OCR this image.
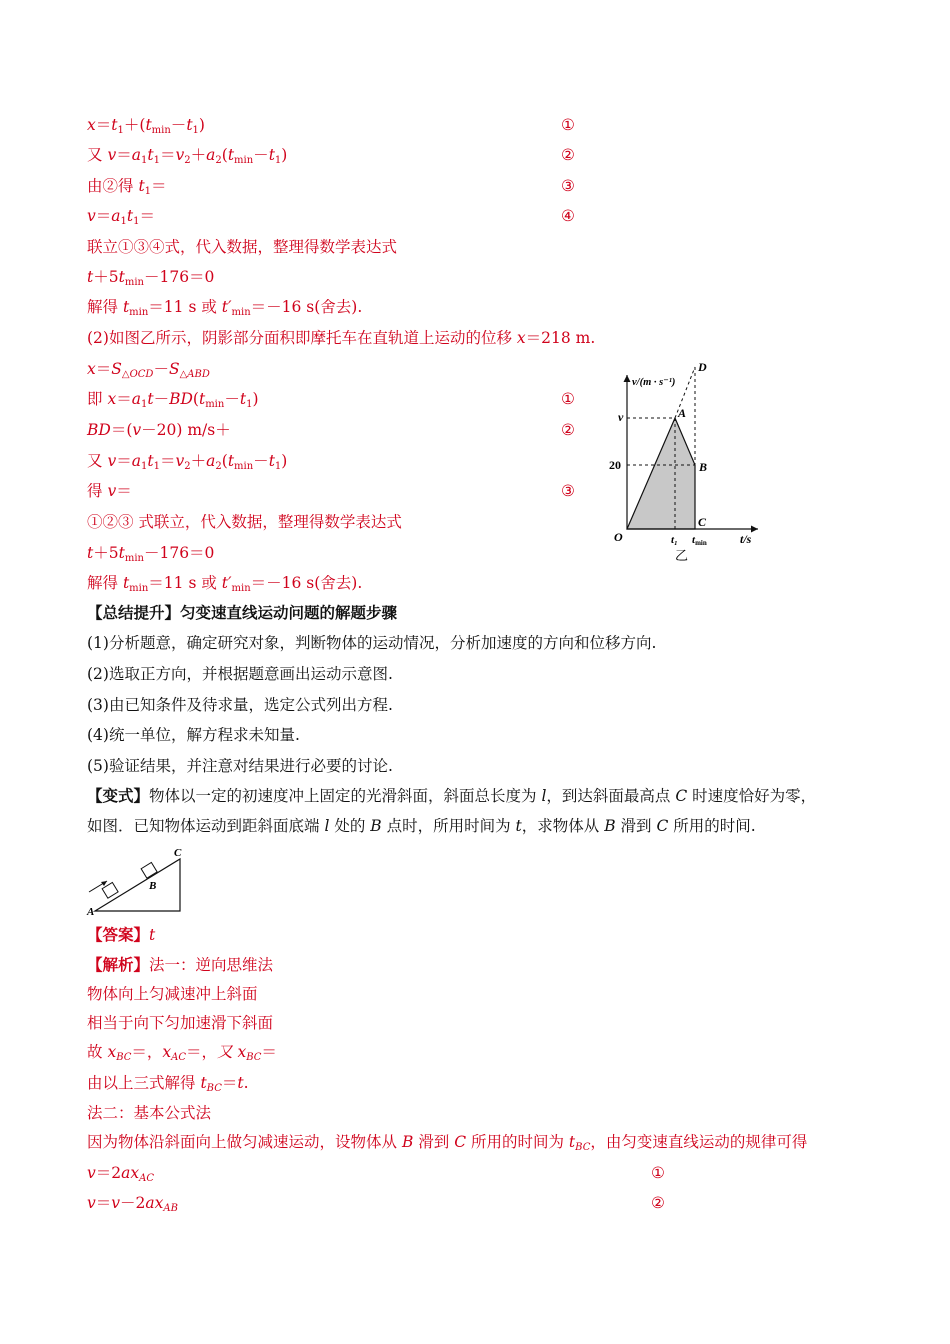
$x=t_1+(t_{min}-t_1)$	①
又 $v=a_1t_1=v_2+a_2(t_{min}-t_1)$	②
由②得 $t_1=$	③
$v=a_1t_1=$	④
联立①③④式，代入数据，整理得数学表达式
$t+5t_{min}-176=0$
解得 $t_{min}=11$ s 或 $t'_{min}=-16$ s(舍去).
(2)如图乙所示，阴影部分面积即摩托车在直轨道上运动的位移 x＝218 m.
$x=S_{\triangle OCD}-S_{\triangle ABD}$
即 $x=a_1t-BD(t_{min}-t_1)$	①
BD＝(v－20) m/s＋	②
又 $v=a_1t_1=v_2+a_2(t_{min}-t_1)$
得 v＝	③
①②③ 式联立，代入数据，整理得数学表达式
$t+5t_{min}-176=0$
解得 $t_{min}=11$ s 或 $t'_{min}=-16$ s(舍去).
v/(m · s⁻¹)
v
20
O
A
B
C
D
t₁ tmin	t/s
乙
【总结提升】匀变速直线运动问题的解题步骤
(1)分析题意，确定研究对象，判断物体的运动情况，分析加速度的方向和位移方向.
(2)选取正方向，并根据题意画出运动示意图.
(3)由已知条件及待求量，选定公式列出方程.
(4)统一单位，解方程求未知量.
(5)验证结果，并注意对结果进行必要的讨论.
【变式】物体以一定的初速度冲上固定的光滑斜面，斜面总长度为 l，到达斜面最高点 C 时速度恰好为零，
如图．已知物体运动到距斜面底端 l 处的 B 点时，所用时间为 t，求物体从 B 滑到 C 所用的时间.
A
B
C
【答案】t
【解析】法一：逆向思维法
物体向上匀减速冲上斜面
相当于向下匀加速滑下斜面
故 $x_{BC}=$，$x_{AC}=$，又 $x_{BC}=$
由以上三式解得 $t_{BC}=t$.
法二：基本公式法
因为物体沿斜面向上做匀减速运动，设物体从 B 滑到 C 所用的时间为 $t_{BC}$，由匀变速直线运动的规律可得
$v=2ax_{AC}$	①
$v=v-2ax_{AB}$	②
